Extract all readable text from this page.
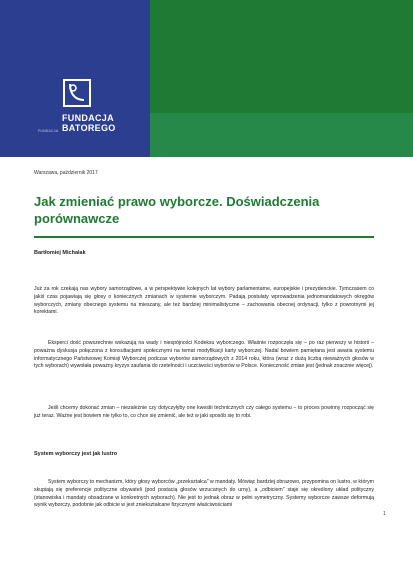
FUNDACJA
FUNDACJA
BATOREGO
Warszawa, październik 2017
Jak zmieniać prawo wyborcze. Doświadczenia porównawcze
Bartłomiej Michalak
Już za rok czekają nas wybory samorządowe, a w perspektywie kolejnych lat wybory parlamentarne, europejskie i prezydenckie. Tymczasem co jakiś czas pojawiają się głosy o koniecznych zmianach w systemie wyborczym. Padają postulaty wprowadzenia jednomandatowych okręgów wyborczych, zmiany obecnego systemu na mieszany, ale też bardziej minimalistyczne – zachowania obecnej ordynacji, tylko z powrotnymi jej korektami.
Eksperci dość powszechnie wskazują na wady i niespójności Kodeksu wyborczego. Właśnie rozpoczęła się – po raz pierwszy w historii – poważna dyskusja połączona z konsultacjami społecznymi na temat modyfikacji karty wyborczej. Nadal bowiem pamiętana jest awaria systemu informatycznego Państwowej Komisji Wyborczej podczas wyborów samorządowych z 2014 roku, która (wraz z dużą liczbą nieważnych głosów w tych wyborach) wywołała poważny kryzys zaufania do rzetelności i uczciwości wyborów w Polsce. Konieczność zmian jest (jednak znacznie więcej).
Jeśli chcemy dokonać zmian – niezależnie czy dotyczyłyby one kwestii technicznych czy całego systemu – to proces powinny rozpocząć się już teraz. Ważne jest bowiem nie tylko to, co chce się zmienić, ale też w jaki sposób się to robi.
System wyborczy jest jak lustro
System wyborczy to mechanizm, który głosy wyborców „przekształca" w mandaty. Mówiąc bardziej obrazowo, przypomina on lustro, w którym skupiają się preferencje polityczne obywateli (pod postacią głosów wrzucanych do urny), a „odbiciem" staje się określony układ polityczny (stanowiska i mandaty obsadzane w konkretnych wyborach). Nie jest to jednak obraz w pełni symetryczny. Systemy wyborcze zawsze deformują wynik wyborczy, podobnie jak odbicie w jest zniekształcane fizycznymi właściwościami
1
